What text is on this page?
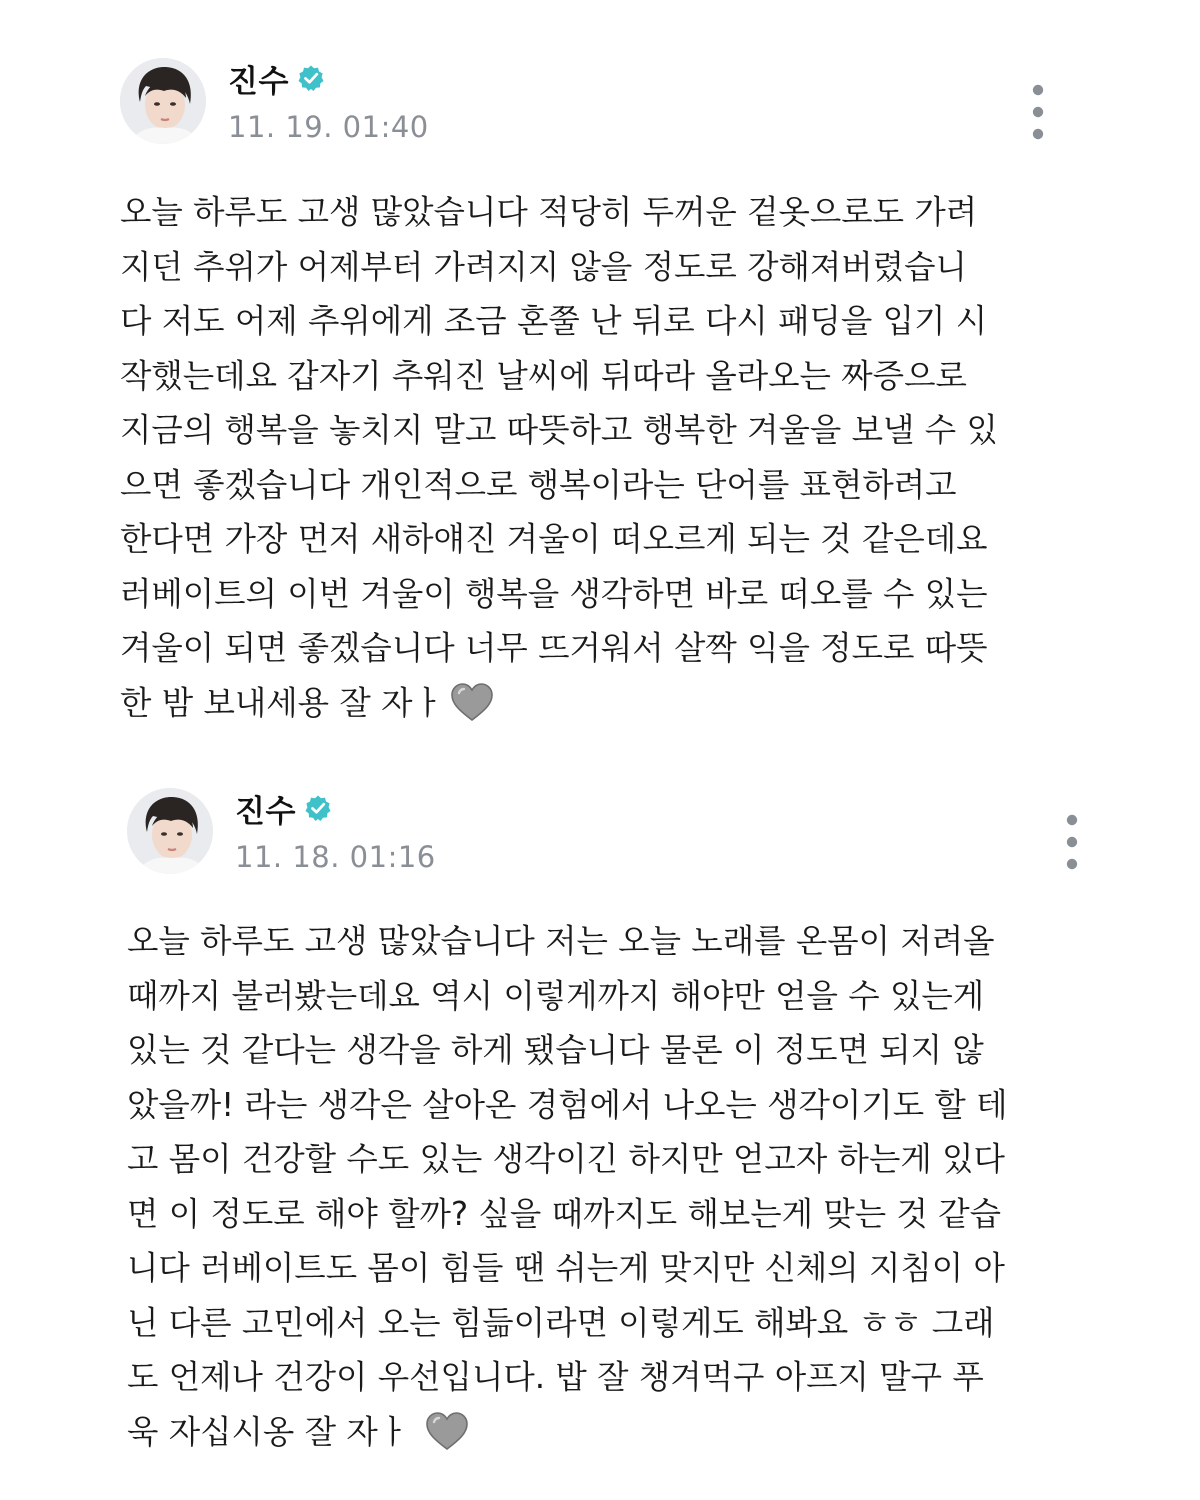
진수
11. 19. 01:40
오늘 하루도 고생 많았습니다 적당히 두꺼운 겉옷으로도 가려
지던 추위가 어제부터 가려지지 않을 정도로 강해져버렸습니
다 저도 어제 추위에게 조금 혼쭐 난 뒤로 다시 패딩을 입기 시
작했는데요 갑자기 추워진 날씨에 뒤따라 올라오는 짜증으로
지금의 행복을 놓치지 말고 따뜻하고 행복한 겨울을 보낼 수 있
으면 좋겠습니다 개인적으로 행복이라는 단어를 표현하려고
한다면 가장 먼저 새하얘진 겨울이 떠오르게 되는 것 같은데요
러베이트의 이번 겨울이 행복을 생각하면 바로 떠오를 수 있는
겨울이 되면 좋겠습니다 너무 뜨거워서 살짝 익을 정도로 따뜻
한 밤 보내세용 잘 자ㅏ
진수
11. 18. 01:16
오늘 하루도 고생 많았습니다 저는 오늘 노래를 온몸이 저려올
때까지 불러봤는데요 역시 이렇게까지 해야만 얻을 수 있는게
있는 것 같다는 생각을 하게 됐습니다 물론 이 정도면 되지 않
았을까! 라는 생각은 살아온 경험에서 나오는 생각이기도 할 테
고 몸이 건강할 수도 있는 생각이긴 하지만 얻고자 하는게 있다
면 이 정도로 해야 할까? 싶을 때까지도 해보는게 맞는 것 같습
니다 러베이트도 몸이 힘들 땐 쉬는게 맞지만 신체의 지침이 아
닌 다른 고민에서 오는 힘듦이라면 이렇게도 해봐요 ㅎㅎ 그래
도 언제나 건강이 우선입니다. 밥 잘 챙겨먹구 아프지 말구 푸
욱 자십시옹 잘 자ㅏ
